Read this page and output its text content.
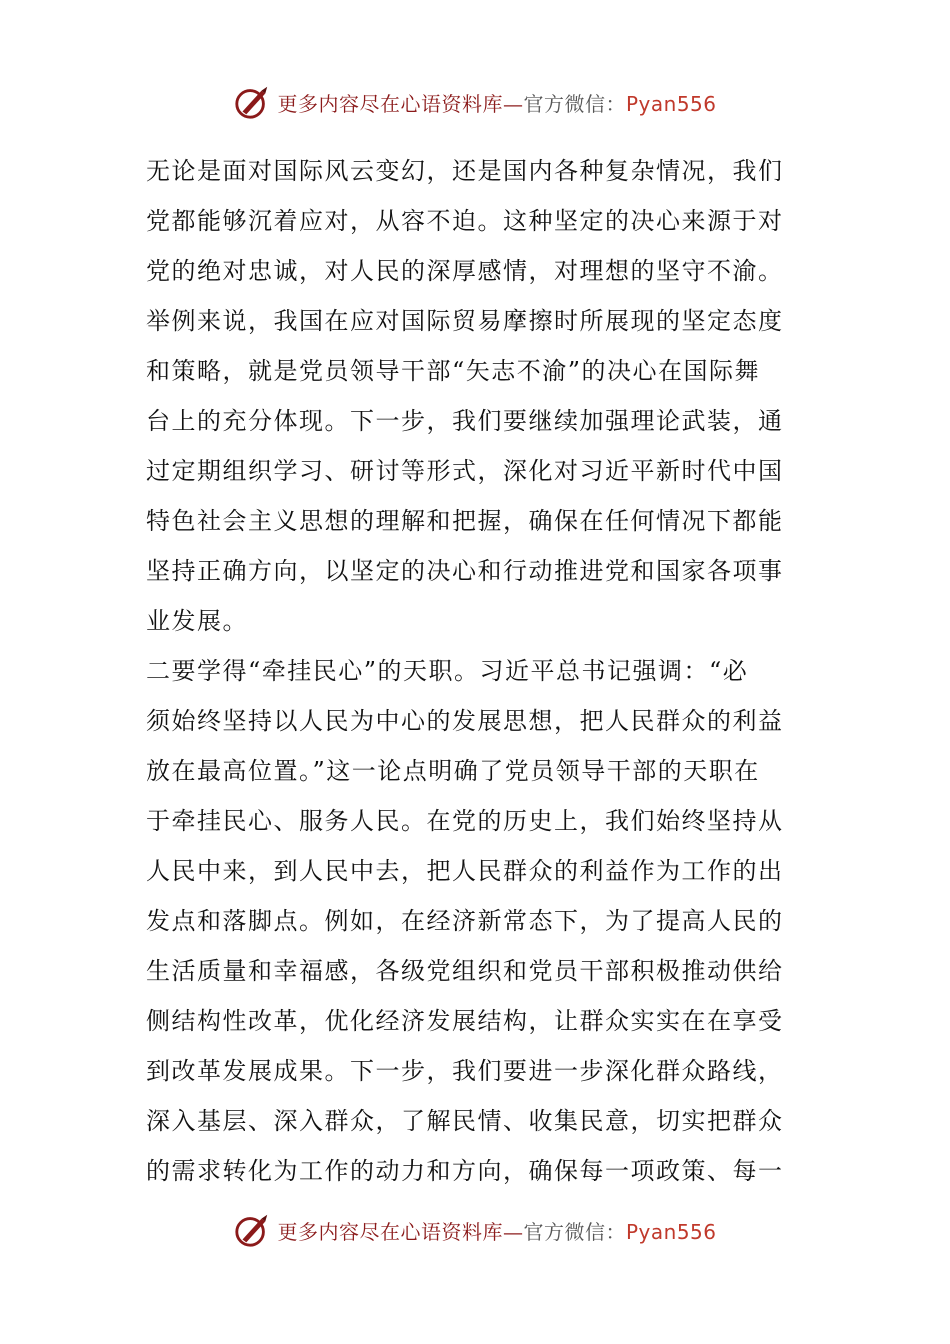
更多内容尽在心语资料库—官方微信：Pyan556
无论是面对国际风云变幻，还是国内各种复杂情况，我们
党都能够沉着应对，从容不迫。这种坚定的决心来源于对
党的绝对忠诚，对人民的深厚感情，对理想的坚守不渝。
举例来说，我国在应对国际贸易摩擦时所展现的坚定态度
和策略，就是党员领导干部“矢志不渝”的决心在国际舞
台上的充分体现。下一步，我们要继续加强理论武装，通
过定期组织学习、研讨等形式，深化对习近平新时代中国
特色社会主义思想的理解和把握，确保在任何情况下都能
坚持正确方向，以坚定的决心和行动推进党和国家各项事
业发展。
二要学得“牵挂民心”的天职。习近平总书记强调：“必
须始终坚持以人民为中心的发展思想，把人民群众的利益
放在最高位置。”这一论点明确了党员领导干部的天职在
于牵挂民心、服务人民。在党的历史上，我们始终坚持从
人民中来，到人民中去，把人民群众的利益作为工作的出
发点和落脚点。例如，在经济新常态下，为了提高人民的
生活质量和幸福感，各级党组织和党员干部积极推动供给
侧结构性改革，优化经济发展结构，让群众实实在在享受
到改革发展成果。下一步，我们要进一步深化群众路线，
深入基层、深入群众，了解民情、收集民意，切实把群众
的需求转化为工作的动力和方向，确保每一项政策、每一
更多内容尽在心语资料库—官方微信：Pyan556
